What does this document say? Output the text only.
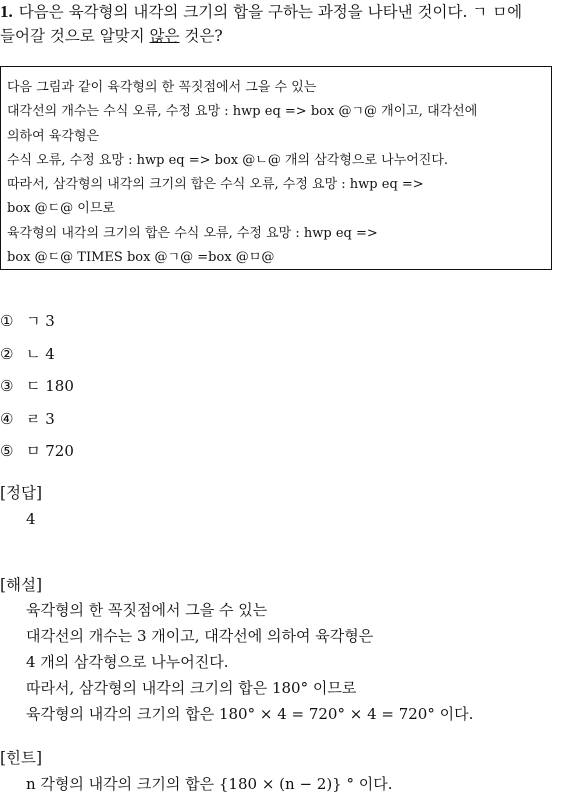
1. 다음은 육각형의 내각의 크기의 합을 구하는 과정을 나타낸 것이다. ㄱ ㅁ에
들어갈 것으로 알맞지 않은 것은?
다음 그림과 같이 육각형의 한 꼭짓점에서 그을 수 있는
대각선의 개수는 수식 오류, 수정 요망 : hwp eq => box @ㄱ@ 개이고, 대각선에
의하여 육각형은
수식 오류, 수정 요망 : hwp eq => box @ㄴ@ 개의 삼각형으로 나누어진다.
따라서, 삼각형의 내각의 크기의 합은 수식 오류, 수정 요망 : hwp eq =>
box @ㄷ@ 이므로
육각형의 내각의 크기의 합은 수식 오류, 수정 요망 : hwp eq =>
box @ㄷ@ TIMES box @ㄱ@ =box @ㅁ@
① ㄱ 3
② ㄴ 4
③ ㄷ 180
④ ㄹ 3
⑤ ㅁ 720
[정답]
4
[해설]
육각형의 한 꼭짓점에서 그을 수 있는
대각선의 개수는 3 개이고, 대각선에 의하여 육각형은
4 개의 삼각형으로 나누어진다.
따라서, 삼각형의 내각의 크기의 합은 180° 이므로
육각형의 내각의 크기의 합은 180° × 4 = 720° × 4 = 720° 이다.
[힌트]
n 각형의 내각의 크기의 합은 {180 × (n − 2)} ° 이다.
